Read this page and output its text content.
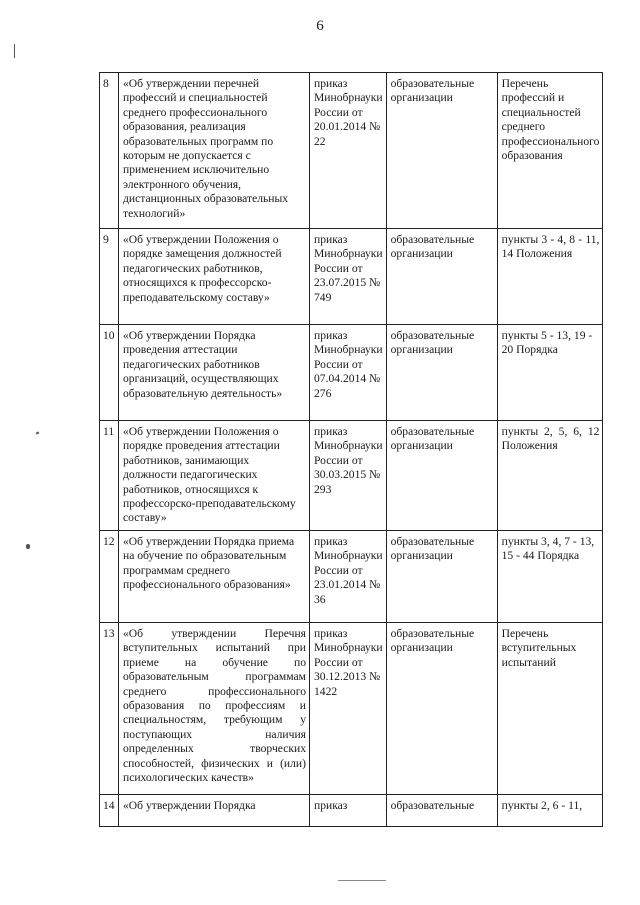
6
8	«Об утверждении перечней профессий и специальностей среднего профессионального образования, реализация образовательных программ по которым не допускается с применением исключительно электронного обучения, дистанционных образовательных технологий»	приказ Минобрнауки России от 20.01.2014 № 22	образовательные организации	Перечень профессий и специальностей среднего профессионального образования
9	«Об утверждении Положения о порядке замещения должностей педагогических работников, относящихся к профессорско-преподавательскому составу»	приказ Минобрнауки России от 23.07.2015 № 749	образовательные организации	пункты 3 - 4, 8 - 11, 14 Положения
10	«Об утверждении Порядка проведения аттестации педагогических работников организаций, осуществляющих образовательную деятельность»	приказ Минобрнауки России от 07.04.2014 № 276	образовательные организации	пункты 5 - 13, 19 - 20 Порядка
11	«Об утверждении Положения о порядке проведения аттестации работников, занимающих должности педагогических работников, относящихся к профессорско-преподавательскому составу»	приказ Минобрнауки России от 30.03.2015 № 293	образовательные организации	пункты 2, 5, 6, 12 Положения
12	«Об утверждении Порядка приема на обучение по образовательным программам среднего профессионального образования»	приказ Минобрнауки России от 23.01.2014 № 36	образовательные организации	пункты 3, 4, 7 - 13, 15 - 44 Порядка
13	«Об утверждении Перечня вступительных испытаний при приеме на обучение по образовательным программам среднего профессионального образования по профессиям и специальностям, требующим у поступающих наличия определенных творческих способностей, физических и (или) психологических качеств»	приказ Минобрнауки России от 30.12.2013 № 1422	образовательные организации	Перечень вступительных испытаний
14	«Об утверждении Порядка	приказ	образовательные	пункты 2, 6 - 11,
